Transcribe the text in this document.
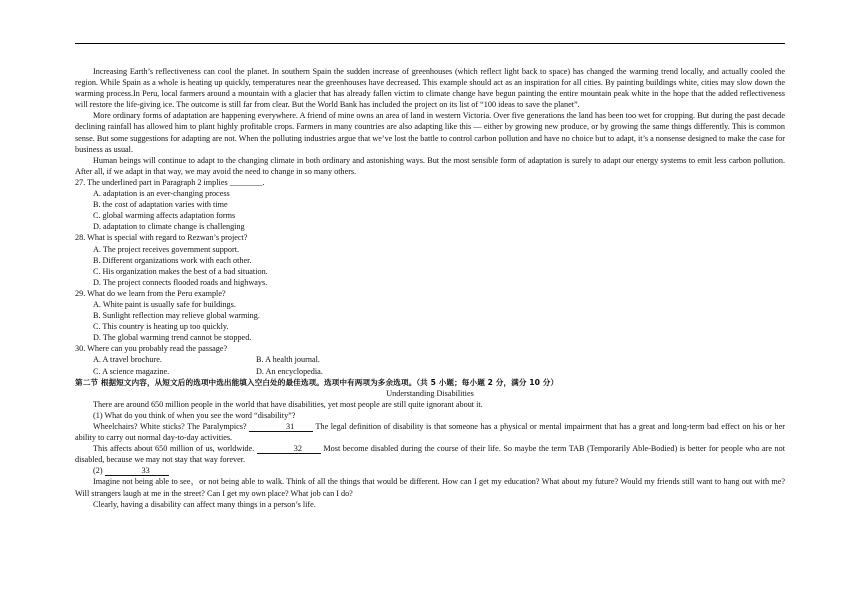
Increasing Earth’s reflectiveness can cool the planet. In southern Spain the sudden increase of greenhouses (which reflect light back to space) has changed the warming trend locally, and actually cooled the region. While Spain as a whole is heating up quickly, temperatures near the greenhouses have decreased. This example should act as an inspiration for all cities. By painting buildings white, cities may slow down the warming process.In Peru, local farmers around a mountain with a glacier that has already fallen victim to climate change have begun painting the entire mountain peak white in the hope that the added reflectiveness will restore the life-giving ice. The outcome is still far from clear. But the World Bank has included the project on its list of “100 ideas to save the planet”.

More ordinary forms of adaptation are happening everywhere. A friend of mine owns an area of land in western Victoria. Over five generations the land has been too wet for cropping. But during the past decade declining rainfall has allowed him to plant highly profitable crops. Farmers in many countries are also adapting like this — either by growing new produce, or by growing the same things differently. This is common sense. But some suggestions for adapting are not. When the polluting industries argue that we’ve lost the battle to control carbon pollution and have no choice but to adapt, it’s a nonsense designed to make the case for business as usual.

Human beings will continue to adapt to the changing climate in both ordinary and astonishing ways. But the most sensible form of adaptation is surely to adapt our energy systems to emit less carbon pollution. After all, if we adapt in that way, we may avoid the need to change in so many others.

27. The underlined part in Paragraph 2 implies ________.

A. adaptation is an ever-changing process

B. the cost of adaptation varies with time

C. global warming affects adaptation forms

D. adaptation to climate change is challenging

28. What is special with regard to Rezwan’s project?

A. The project receives government support.

B. Different organizations work with each other.

C. His organization makes the best of a bad situation.

D. The project connects flooded roads and highways.

29. What do we learn from the Peru example?

A. White paint is usually safe for buildings.

B. Sunlight reflection may relieve global warming.

C. This country is heating up too quickly.

D. The global warming trend cannot be stopped.

30. Where can you probably read the passage?

A. A travel brochure.	B. A health journal.
C. A science magazine.	D. An encyclopedia.

第二节 根据短文内容，从短文后的选项中选出能填入空白处的最佳选项。选项中有两项为多余选项。（共 5 小题；每小题 2 分，满分 10 分）

Understanding Disabilities

There are around 650 million people in the world that have disabilities, yet most people are still quite ignorant about it.

(1) What do you think of when you see the word “disability”?

Wheelchairs? White sticks? The Paralympics?	31 The legal definition of disability is that someone has a physical or mental impairment that has a great and long-term bad effect on his or her ability to carry out normal day-to-day activities.

This affects about 650 million of us, worldwide.	32 Most become disabled during the course of their life. So maybe the term TAB (Temporarily Able-Bodied) is better for people who are not disabled, because we may not stay that way forever.

(2)	33

Imagine not being able to see，or not being able to walk. Think of all the things that would be different. How can I get my education? What about my future? Would my friends still want to hang out with me? Will strangers laugh at me in the street? Can I get my own place? What job can I do?

Clearly, having a disability can affect many things in a person’s life.
